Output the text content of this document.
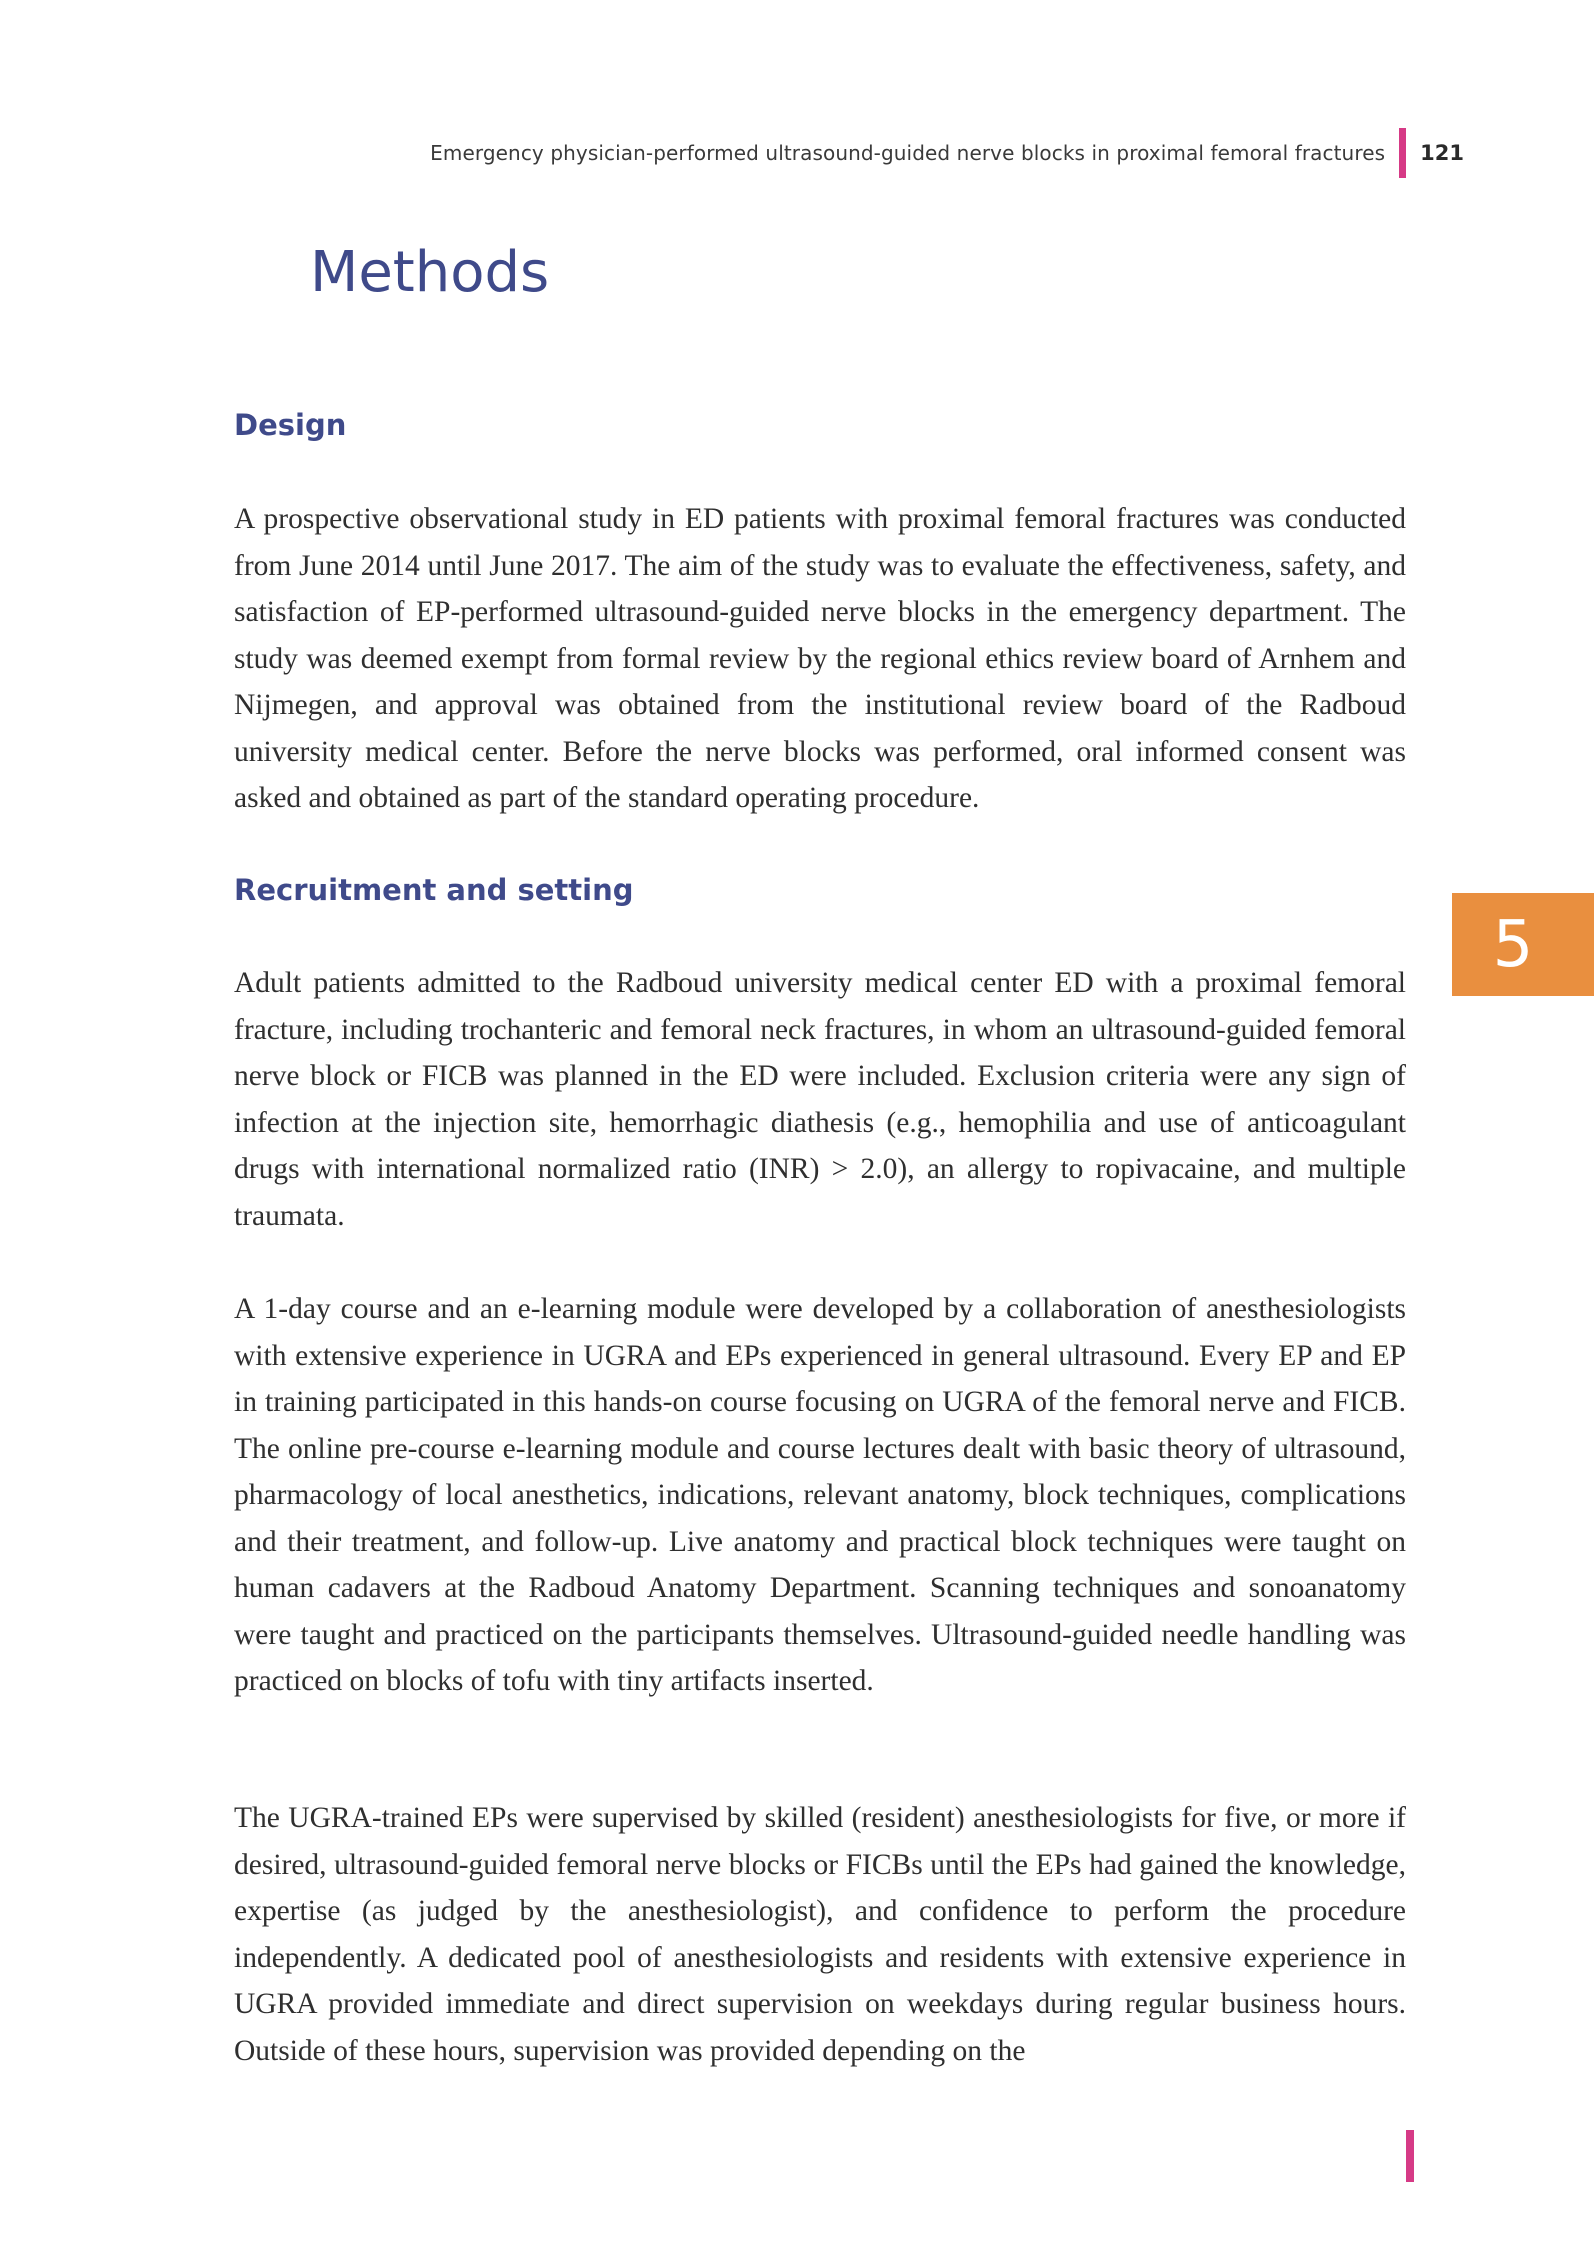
Emergency physician-performed ultrasound-guided nerve blocks in proximal femoral fractures 121
Methods
Design

A prospective observational study in ED patients with proximal femoral fractures was conducted from June 2014 until June 2017. The aim of the study was to evaluate the effectiveness, safety, and satisfaction of EP-performed ultrasound-guided nerve blocks in the emergency department. The study was deemed exempt from formal review by the regional ethics review board of Arnhem and Nijmegen, and approval was obtained from the institutional review board of the Radboud university medical center. Before the nerve blocks was performed, oral informed consent was asked and obtained as part of the standard operating procedure.

Recruitment and setting

Adult patients admitted to the Radboud university medical center ED with a proximal femoral fracture, including trochanteric and femoral neck fractures, in whom an ultrasound-guided femoral nerve block or FICB was planned in the ED were included. Exclusion criteria were any sign of infection at the injection site, hemorrhagic diathesis (e.g., hemophilia and use of anticoagulant drugs with international normalized ratio (INR) > 2.0), an allergy to ropivacaine, and multiple traumata.

A 1-day course and an e-learning module were developed by a collaboration of anesthesiologists with extensive experience in UGRA and EPs experienced in general ultrasound. Every EP and EP in training participated in this hands-on course focusing on UGRA of the femoral nerve and FICB. The online pre-course e-learning module and course lectures dealt with basic theory of ultrasound, pharmacology of local anesthetics, indications, relevant anatomy, block techniques, complications and their treatment, and follow-up. Live anatomy and practical block techniques were taught on human cadavers at the Radboud Anatomy Department. Scanning techniques and sonoanatomy were taught and practiced on the participants themselves. Ultrasound-guided needle handling was practiced on blocks of tofu with tiny artifacts inserted.

The UGRA-trained EPs were supervised by skilled (resident) anesthesiologists for five, or more if desired, ultrasound-guided femoral nerve blocks or FICBs until the EPs had gained the knowledge, expertise (as judged by the anesthesiologist), and confidence to perform the procedure independently. A dedicated pool of anesthesiologists and residents with extensive experience in UGRA provided immediate and direct supervision on weekdays during regular business hours. Outside of these hours, supervision was provided depending on the

5
